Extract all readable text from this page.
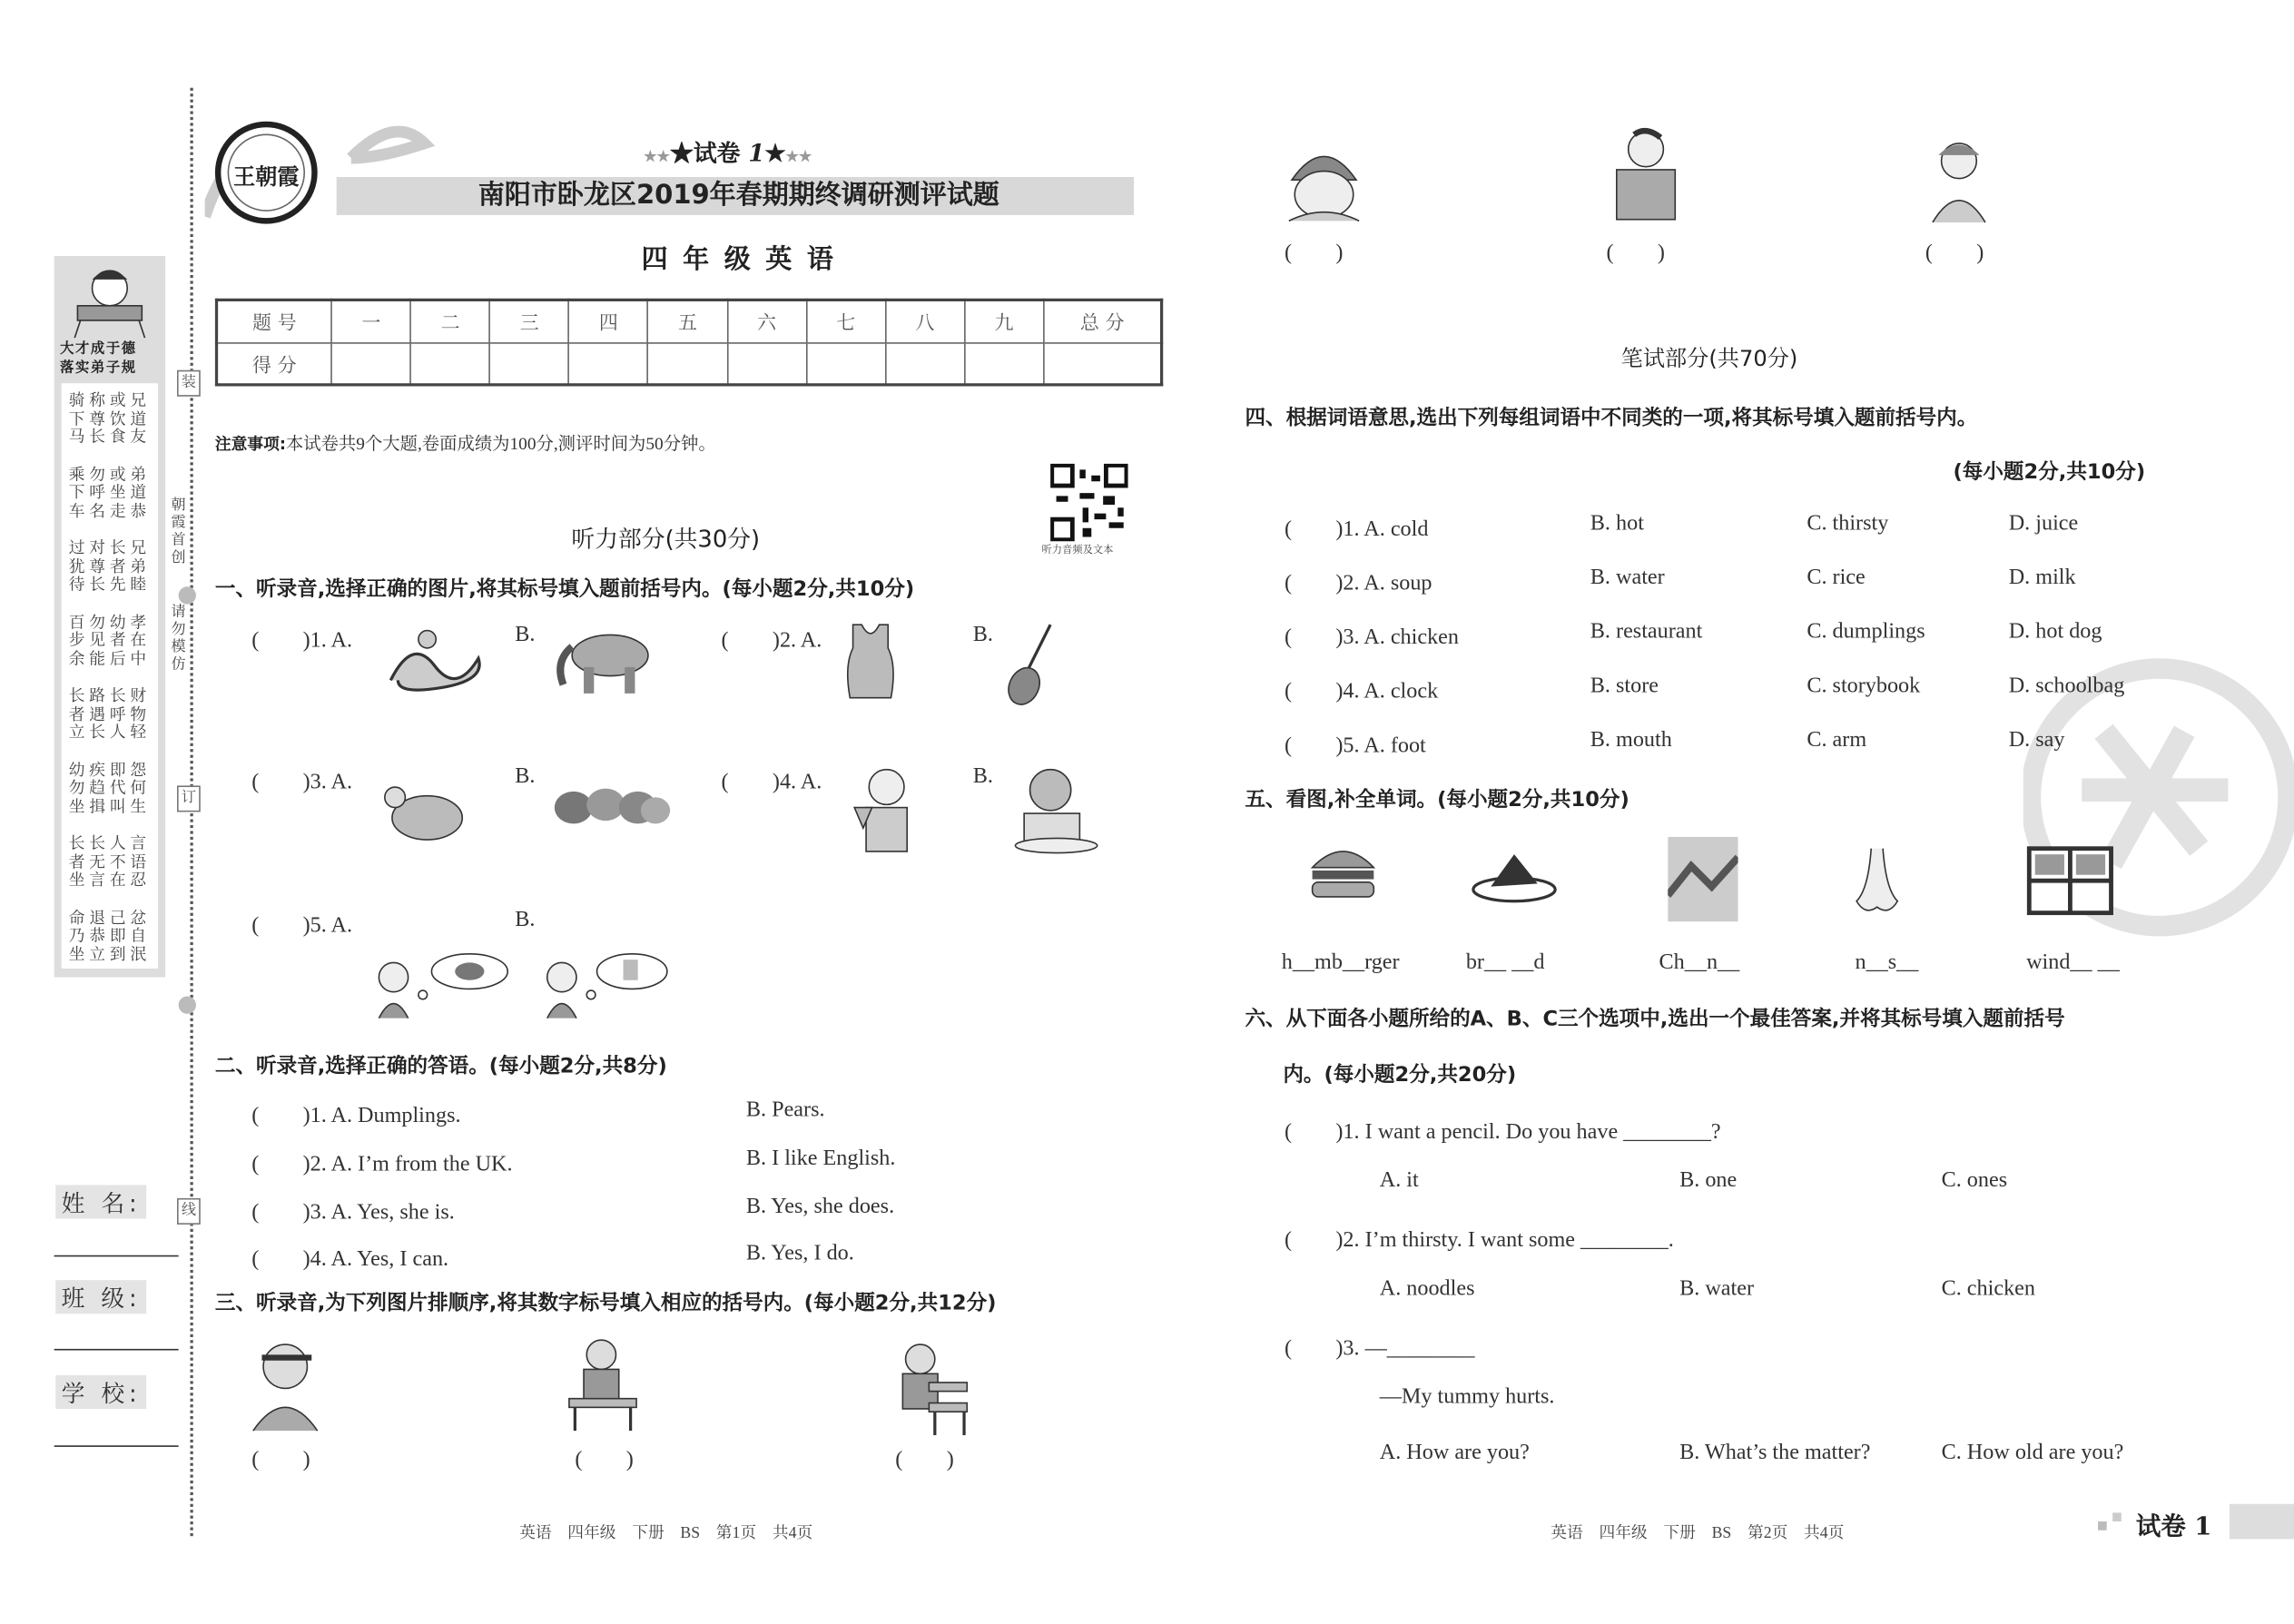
大才成于德
落实弟子规
骑称或兄
下尊饮道
马长食友
乘勿或弟
下呼坐道
车名走恭
过对长兄
犹尊者弟
待长先睦
百勿幼孝
步见者在
余能后中
长路长财
者遇呼物
立长人轻
幼疾即怨
勿趋代何
坐揖叫生
长长人言
者无不语
坐言在忍
命退己忿
乃恭即自
坐立到泯
装
订
线
朝霞首创
请勿模仿
姓 名:
班 级:
学 校:
王朝霞
★★★试卷 1★★★
南阳市卧龙区2019年春期期终调研测评试题
四 年 级 英 语
题 号	一	二	三	四	五	六	七	八	九	总 分
得 分										
注意事项:本试卷共9个大题,卷面成绩为100分,测评时间为50分钟。
听力音频及文本
听力部分(共30分)
一、听录音,选择正确的图片,将其标号填入题前括号内。(每小题2分,共10分)
(　　)1. A.	B.	(　　)2. A.	B.
(　　)3. A.	B.	(　　)4. A.	B.
(　　)5. A.	B.
二、听录音,选择正确的答语。(每小题2分,共8分)
(　　)1. A. Dumplings.	B. Pears.
(　　)2. A. I’m from the UK.	B. I like English.
(　　)3. A. Yes, she is.	B. Yes, she does.
(　　)4. A. Yes, I can.	B. Yes, I do.
三、听录音,为下列图片排顺序,将其数字标号填入相应的括号内。(每小题2分,共12分)
(　　)	(　　)	(　　)
英语　四年级　下册　BS　第1页　共4页
(　　)	(　　)	(　　)
笔试部分(共70分)
四、根据词语意思,选出下列每组词语中不同类的一项,将其标号填入题前括号内。
(每小题2分,共10分)
(　　)1. A. cold	B. hot	C. thirsty	D. juice
(　　)2. A. soup	B. water	C. rice	D. milk
(　　)3. A. chicken	B. restaurant	C. dumplings	D. hot dog
(　　)4. A. clock	B. store	C. storybook	D. schoolbag
(　　)5. A. foot	B. mouth	C. arm	D. say
五、看图,补全单词。(每小题2分,共10分)
h__mb__rger	br__ __d	Ch__n__	n__s__	wind__ __
六、从下面各小题所给的A、B、C三个选项中,选出一个最佳答案,并将其标号填入题前括号
内。(每小题2分,共20分)
(　　)1. I want a pencil. Do you have ________?
A. it	B. one	C. ones
(　　)2. I’m thirsty. I want some ________.
A. noodles	B. water	C. chicken
(　　)3. —________
—My tummy hurts.
A. How are you?	B. What’s the matter?	C. How old are you?
英语　四年级　下册　BS　第2页　共4页	试卷 1
